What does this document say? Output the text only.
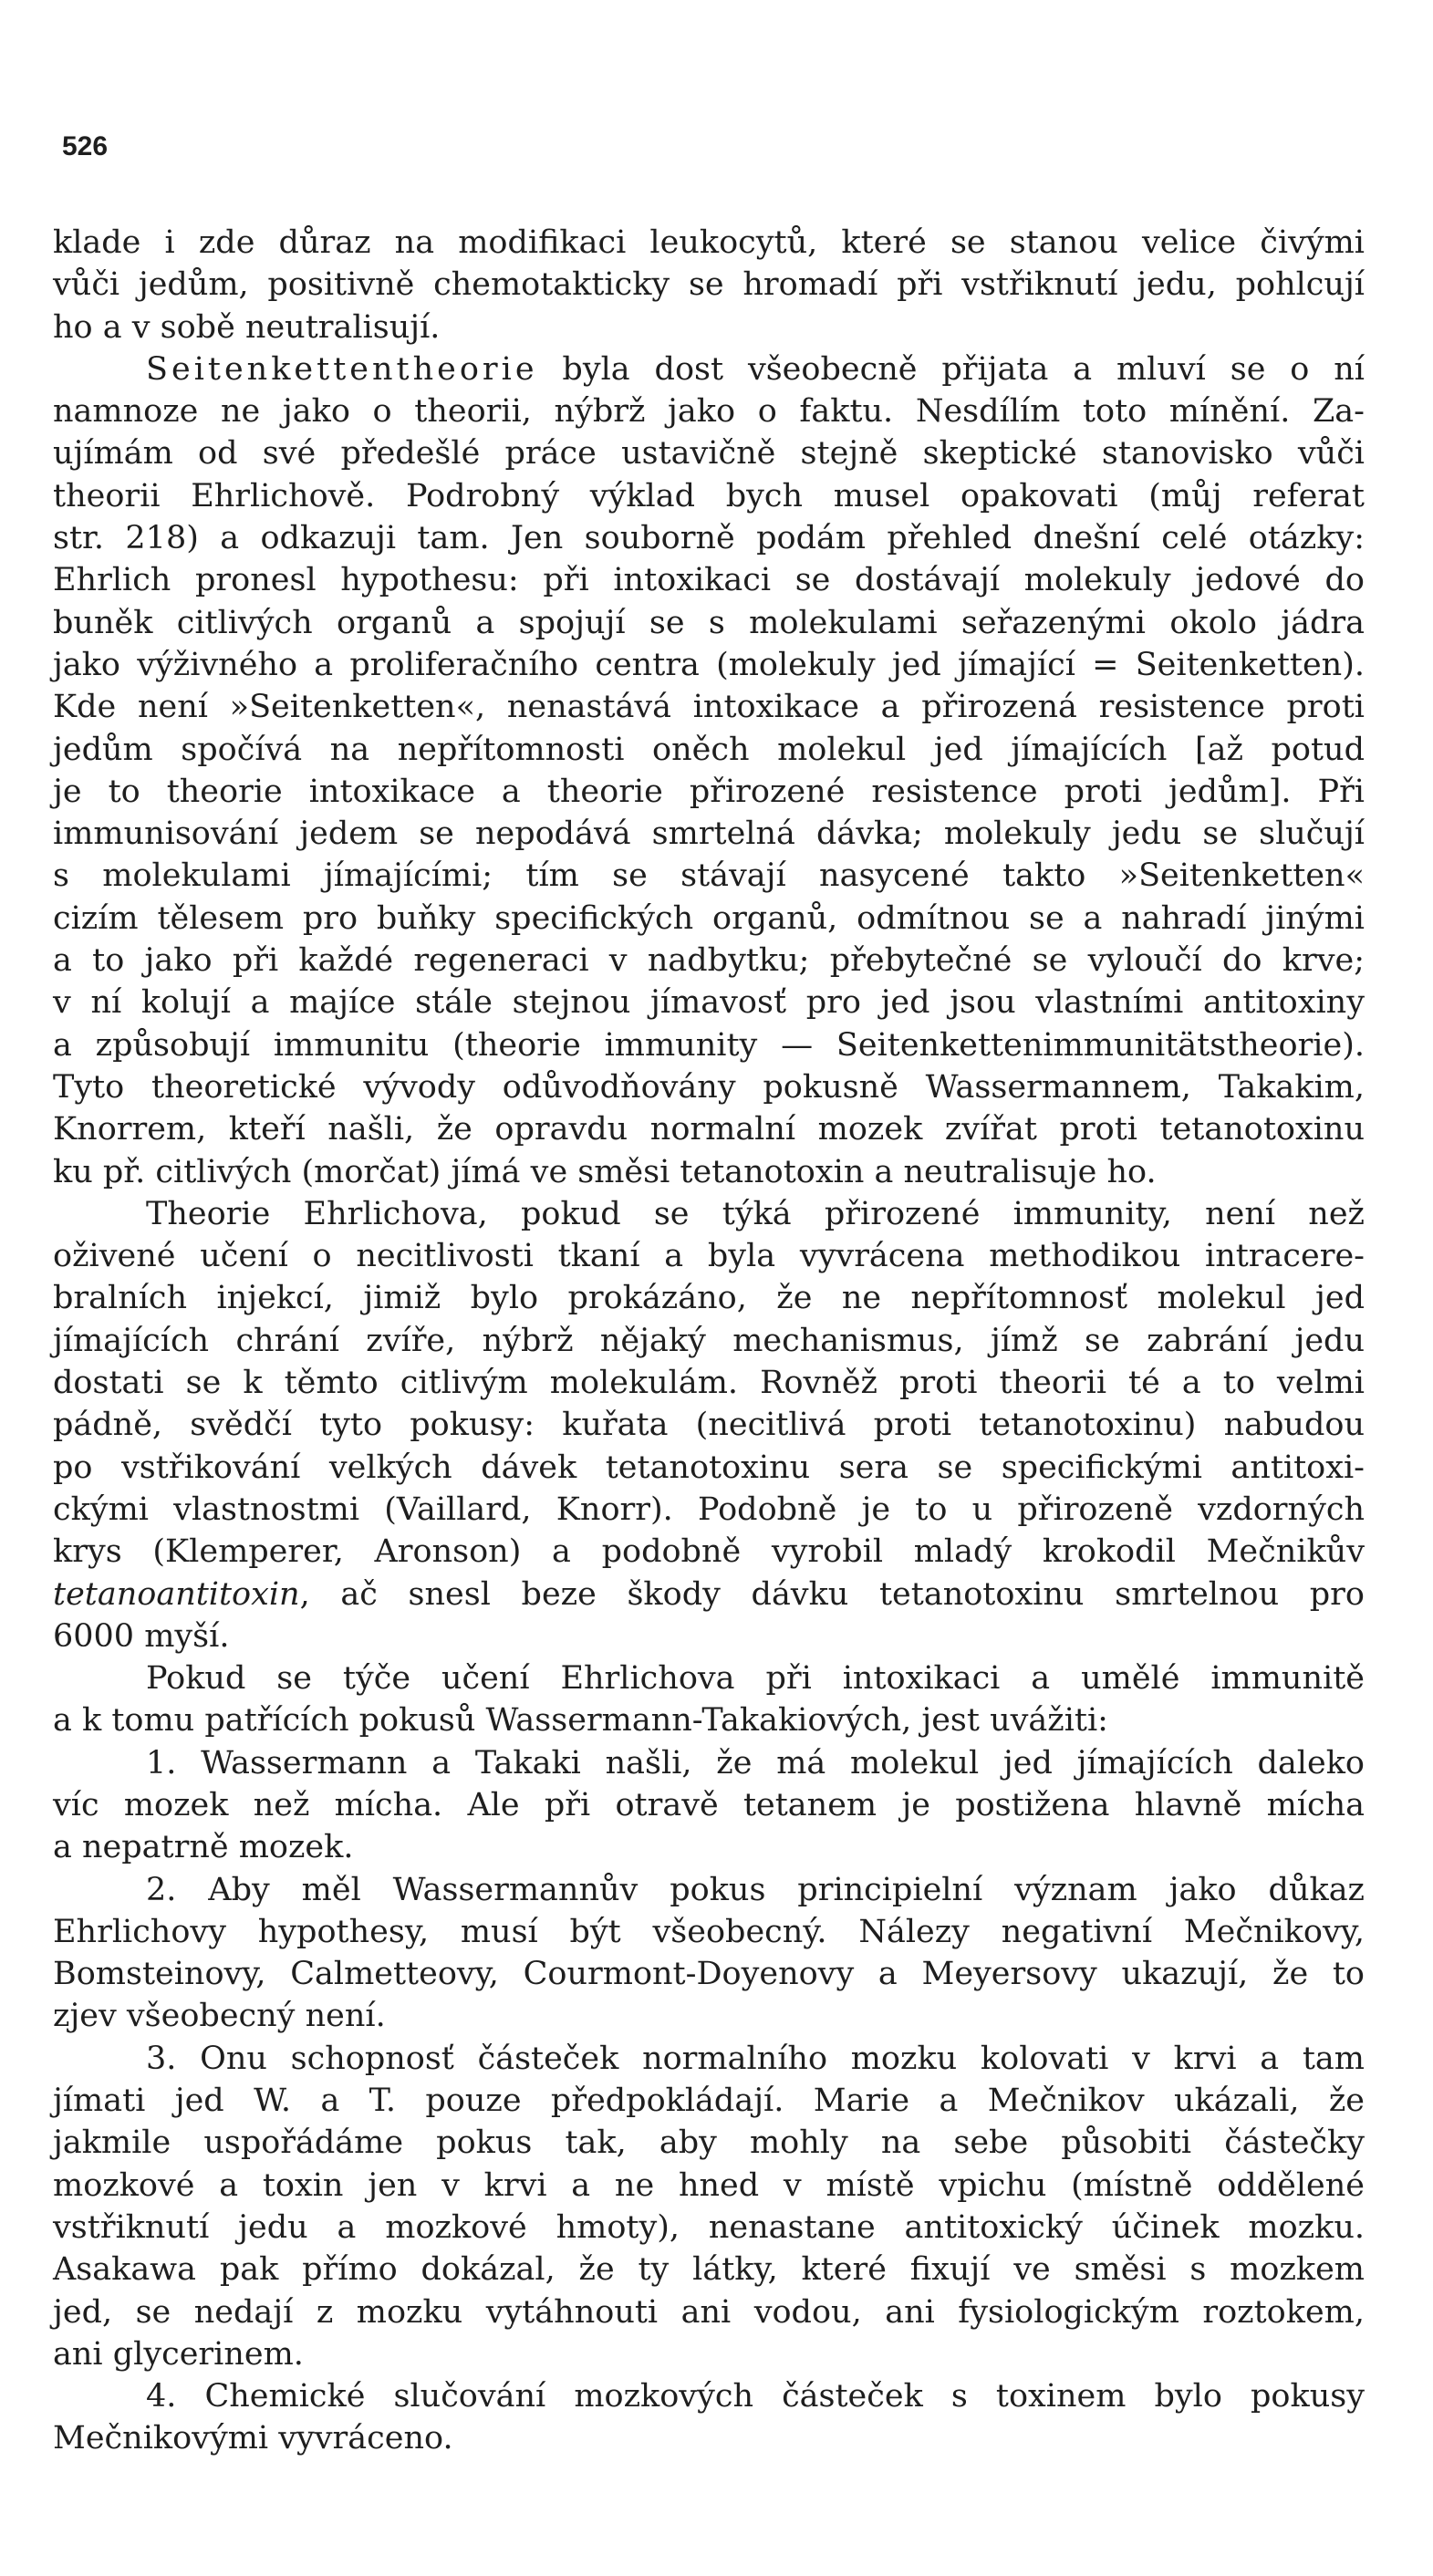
526
klade i zde důraz na modifikaci leukocytů, které se stanou velice čivými
vůči jedům, positivně chemotakticky se hromadí při vstřiknutí jedu, pohlcují
ho a v sobě neutralisují.
Seitenkettentheorie byla dost všeobecně přijata a mluví se o ní
namnoze ne jako o theorii, nýbrž jako o faktu. Nesdílím toto mínění. Za-
ujímám od své předešlé práce ustavičně stejně skeptické stanovisko vůči
theorii Ehrlichově. Podrobný výklad bych musel opakovati (můj referat
str. 218) a odkazuji tam. Jen souborně podám přehled dnešní celé otázky:
Ehrlich pronesl hypothesu: při intoxikaci se dostávají molekuly jedové do
buněk citlivých organů a spojují se s molekulami seřazenými okolo jádra
jako výživného a proliferačního centra (molekuly jed jímající = Seitenketten).
Kde není »Seitenketten«, nenastává intoxikace a přirozená resistence proti
jedům spočívá na nepřítomnosti oněch molekul jed jímajících [až potud
je to theorie intoxikace a theorie přirozené resistence proti jedům]. Při
immunisování jedem se nepodává smrtelná dávka; molekuly jedu se slučují
s molekulami jímajícími; tím se stávají nasycené takto »Seitenketten«
cizím tělesem pro buňky specifických organů, odmítnou se a nahradí jinými
a to jako při každé regeneraci v nadbytku; přebytečné se vyloučí do krve;
v ní kolují a majíce stále stejnou jímavosť pro jed jsou vlastními antitoxiny
a způsobují immunitu (theorie immunity — Seitenkettenimmunitätstheorie).
Tyto theoretické vývody odůvodňovány pokusně Wassermannem, Takakim,
Knorrem, kteří našli, že opravdu normalní mozek zvířat proti tetanotoxinu
ku př. citlivých (morčat) jímá ve směsi tetanotoxin a neutralisuje ho.
Theorie Ehrlichova, pokud se týká přirozené immunity, není než
oživené učení o necitlivosti tkaní a byla vyvrácena methodikou intracere-
bralních injekcí, jimiž bylo prokázáno, že ne nepřítomnosť molekul jed
jímajících chrání zvíře, nýbrž nějaký mechanismus, jímž se zabrání jedu
dostati se k těmto citlivým molekulám. Rovněž proti theorii té a to velmi
pádně, svědčí tyto pokusy: kuřata (necitlivá proti tetanotoxinu) nabudou
po vstřikování velkých dávek tetanotoxinu sera se specifickými antitoxi-
ckými vlastnostmi (Vaillard, Knorr). Podobně je to u přirozeně vzdorných
krys (Klemperer, Aronson) a podobně vyrobil mladý krokodil Mečnikův
tetanoantitoxin, ač snesl beze škody dávku tetanotoxinu smrtelnou pro
6000 myší.
Pokud se týče učení Ehrlichova při intoxikaci a umělé immunitě
a k tomu patřících pokusů Wassermann-Takakiových, jest uvážiti:
1. Wassermann a Takaki našli, že má molekul jed jímajících daleko
víc mozek než mícha. Ale při otravě tetanem je postižena hlavně mícha
a nepatrně mozek.
2. Aby měl Wassermannův pokus principielní význam jako důkaz
Ehrlichovy hypothesy, musí být všeobecný. Nálezy negativní Mečnikovy,
Bomsteinovy, Calmetteovy, Courmont-Doyenovy a Meyersovy ukazují, že to
zjev všeobecný není.
3. Onu schopnosť částeček normalního mozku kolovati v krvi a tam
jímati jed W. a T. pouze předpokládají. Marie a Mečnikov ukázali, že
jakmile uspořádáme pokus tak, aby mohly na sebe působiti částečky
mozkové a toxin jen v krvi a ne hned v místě vpichu (místně oddělené
vstřiknutí jedu a mozkové hmoty), nenastane antitoxický účinek mozku.
Asakawa pak přímo dokázal, že ty látky, které fixují ve směsi s mozkem
jed, se nedají z mozku vytáhnouti ani vodou, ani fysiologickým roztokem,
ani glycerinem.
4. Chemické slučování mozkových částeček s toxinem bylo pokusy
Mečnikovými vyvráceno.
